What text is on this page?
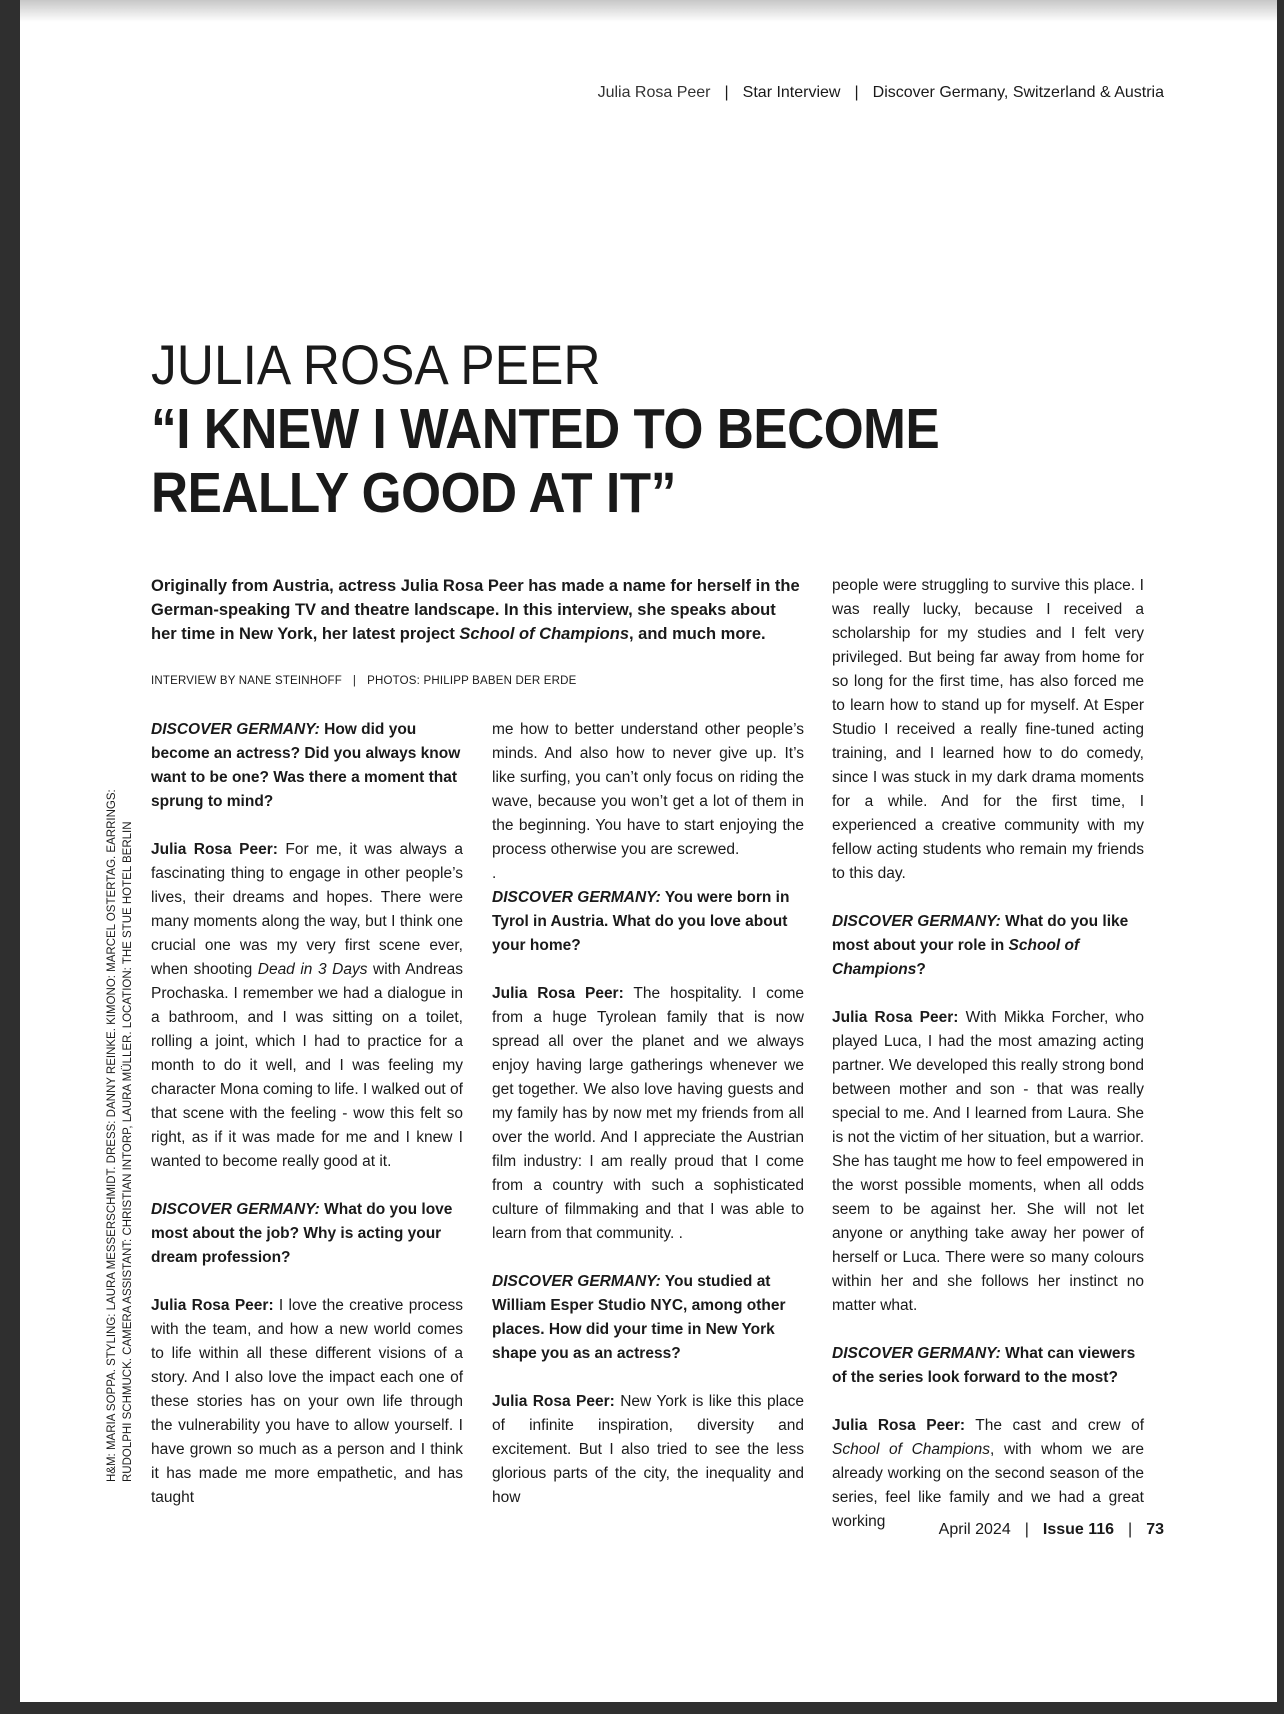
Julia Rosa Peer | Star Interview | Discover Germany, Switzerland & Austria
JULIA ROSA PEER
“I KNEW I WANTED TO BECOME
REALLY GOOD AT IT”
Originally from Austria, actress Julia Rosa Peer has made a name for herself in the German-speaking TV and theatre landscape. In this interview, she speaks about her time in New York, her latest project School of Champions, and much more.
INTERVIEW BY NANE STEINHOFF | PHOTOS: PHILIPP BABEN DER ERDE
H&M: MARIA SOPPA. STYLING: LAURA MESSERSCHMIDT. DRESS: DANNY REINKE. KIMONO: MARCEL OSTERTAG. EARRINGS: RUDOLPHI SCHMUCK. CAMERA ASSISTANT: CHRISTIAN INTORP, LAURA MÜLLER. LOCATION: THE STUE HOTEL BERLIN

DISCOVER GERMANY: How did you become an actress? Did you always know want to be one? Was there a moment that sprung to mind?

Julia Rosa Peer: For me, it was always a fascinating thing to engage in other people’s lives, their dreams and hopes. There were many moments along the way, but I think one crucial one was my very first scene ever, when shooting Dead in 3 Days with Andreas Prochaska. I remember we had a dialogue in a bathroom, and I was sitting on a toilet, rolling a joint, which I had to practice for a month to do it well, and I was feeling my character Mona coming to life. I walked out of that scene with the feeling - wow this felt so right, as if it was made for me and I knew I wanted to become really good at it.

DISCOVER GERMANY: What do you love most about the job? Why is acting your dream profession?

Julia Rosa Peer: I love the creative process with the team, and how a new world comes to life within all these different visions of a story. And I also love the impact each one of these stories has on your own life through the vulnerability you have to allow yourself. I have grown so much as a person and I think it has made me more empathetic, and has taught

me how to better understand other people’s minds. And also how to never give up. It’s like surfing, you can’t only focus on riding the wave, because you won’t get a lot of them in the beginning. You have to start enjoying the process otherwise you are screwed.

.

DISCOVER GERMANY: You were born in Tyrol in Austria. What do you love about your home?

Julia Rosa Peer: The hospitality. I come from a huge Tyrolean family that is now spread all over the planet and we always enjoy having large gatherings whenever we get together. We also love having guests and my family has by now met my friends from all over the world. And I appreciate the Austrian film industry: I am really proud that I come from a country with such a sophisticated culture of filmmaking and that I was able to learn from that community. .

DISCOVER GERMANY: You studied at William Esper Studio NYC, among other places. How did your time in New York shape you as an actress?

Julia Rosa Peer: New York is like this place of infinite inspiration, diversity and excitement. But I also tried to see the less glorious parts of the city, the inequality and how

people were struggling to survive this place. I was really lucky, because I received a scholarship for my studies and I felt very privileged. But being far away from home for so long for the first time, has also forced me to learn how to stand up for myself. At Esper Studio I received a really fine-tuned acting training, and I learned how to do comedy, since I was stuck in my dark drama moments for a while. And for the first time, I experienced a creative community with my fellow acting students who remain my friends to this day.

DISCOVER GERMANY: What do you like most about your role in School of Champions?

Julia Rosa Peer: With Mikka Forcher, who played Luca, I had the most amazing acting partner. We developed this really strong bond between mother and son - that was really special to me. And I learned from Laura. She is not the victim of her situation, but a warrior. She has taught me how to feel empowered in the worst possible moments, when all odds seem to be against her. She will not let anyone or anything take away her power of herself or Luca. There were so many colours within her and she follows her instinct no matter what.

DISCOVER GERMANY: What can viewers of the series look forward to the most?

Julia Rosa Peer: The cast and crew of School of Champions, with whom we are already working on the second season of the series, feel like family and we had a great working	April 2024 | Issue 116 | 73
